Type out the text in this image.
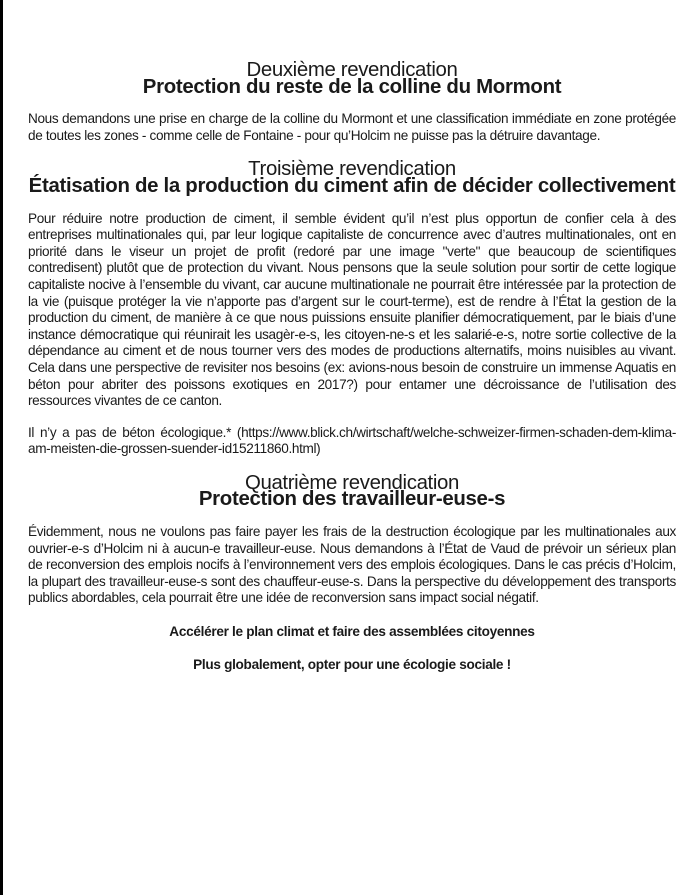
Deuxième revendication
Protection du reste de la colline du Mormont

Nous demandons une prise en charge de la colline du Mormont et une classification immédiate en zone protégée de toutes les zones - comme celle de Fontaine - pour qu’Holcim ne puisse pas la détruire davantage.

Troisième revendication
Étatisation de la production du ciment afin de décider collectivement

Pour réduire notre production de ciment, il semble évident qu’il n’est plus opportun de confier cela à des entreprises multinationales qui, par leur logique capitaliste de concurrence avec d’autres multinationales, ont en priorité dans le viseur un projet de profit (redoré par une image "verte" que beaucoup de scientifiques contredisent) plutôt que de protection du vivant. Nous pensons que la seule solution pour sortir de cette logique capitaliste nocive à l’ensemble du vivant, car aucune multinationale ne pourrait être intéressée par la protection de la vie (puisque protéger la vie n’apporte pas d’argent sur le court-terme), est de rendre à l’État la gestion de la production du ciment, de manière à ce que nous puissions ensuite planifier démocratiquement, par le biais d’une instance démocratique qui réunirait les usagèr-e-s, les citoyen-ne-s et les salarié-e-s, notre sortie collective de la dépendance au ciment et de nous tourner vers des modes de productions alternatifs, moins nuisibles au vivant. Cela dans une perspective de revisiter nos besoins (ex: avions-nous besoin de construire un immense Aquatis en béton pour abriter des poissons exotiques en 2017?) pour entamer une décroissance de l’utilisation des ressources vivantes de ce canton.

Il n’y a pas de béton écologique.* (https://www.blick.ch/wirtschaft/welche-schweizer-firmen-schaden-dem-klima-am-meisten-die-grossen-suender-id15211860.html)

Quatrième revendication
Protection des travailleur-euse-s

Évidemment, nous ne voulons pas faire payer les frais de la destruction écologique par les multinationales aux ouvrier-e-s d’Holcim ni à aucun-e travailleur-euse. Nous demandons à l’État de Vaud de prévoir un sérieux plan de reconversion des emplois nocifs à l’environnement vers des emplois écologiques. Dans le cas précis d’Holcim, la plupart des travailleur-euse-s sont des chauffeur-euse-s. Dans la perspective du développement des transports publics abordables, cela pourrait être une idée de reconversion sans impact social négatif.

Accélérer le plan climat et faire des assemblées citoyennes

Plus globalement, opter pour une écologie sociale !
